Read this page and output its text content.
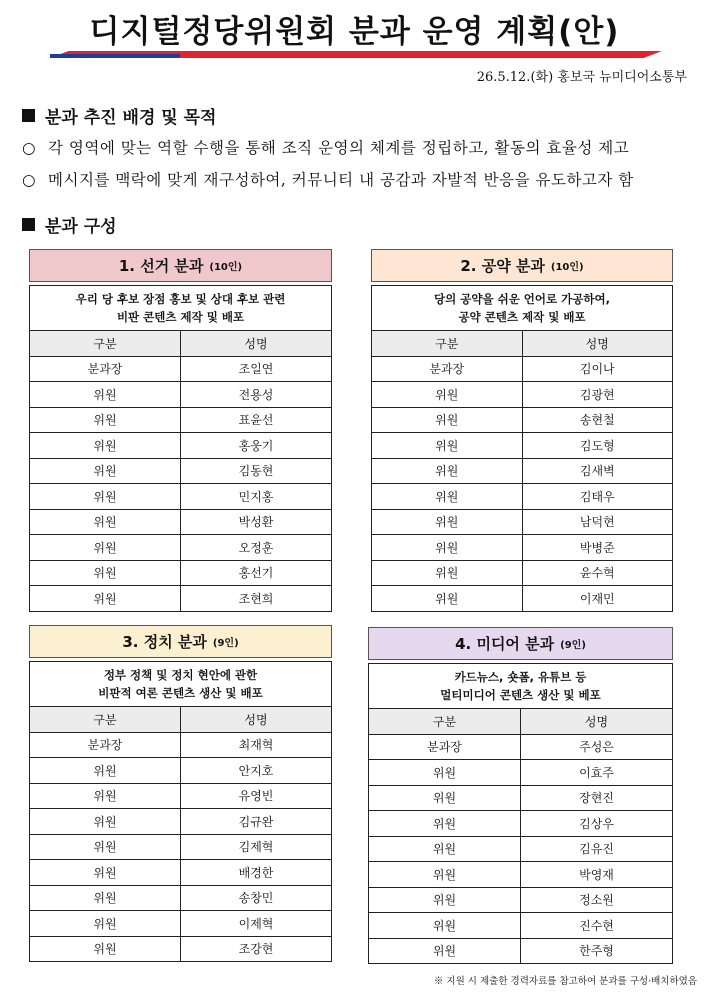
디지털정당위원회 분과 운영 계획(안)
26.5.12.(화) 홍보국 뉴미디어소통부
분과 추진 배경 및 목적
○ 각 영역에 맞는 역할 수행을 통해 조직 운영의 체계를 정립하고, 활동의 효율성 제고
○ 메시지를 맥락에 맞게 재구성하여, 커뮤니티 내 공감과 자발적 반응을 유도하고자 함
분과 구성
1. 선거 분과 (10인)
우리 당 후보 장점 홍보 및 상대 후보 관련
비판 콘텐츠 제작 및 배포	
구분	성명
분과장	조일연
위원	전용성
위원	표윤선
위원	홍웅기
위원	김동현
위원	민지홍
위원	박성환
위원	오정훈
위원	홍선기
위원	조현희
2. 공약 분과 (10인)
당의 공약을 쉬운 언어로 가공하여,
공약 콘텐츠 제작 및 배포	
구분	성명
분과장	김이나
위원	김광현
위원	송현철
위원	김도형
위원	김새벽
위원	김태우
위원	남덕현
위원	박병준
위원	윤수혁
위원	이재민
3. 정치 분과 (9인)
정부 정책 및 정치 현안에 관한
비판적 여론 콘텐츠 생산 및 배포	
구분	성명
분과장	최재혁
위원	안지호
위원	유영빈
위원	김규완
위원	김제혁
위원	배경한
위원	송창민
위원	이제혁
위원	조강현
4. 미디어 분과 (9인)
카드뉴스, 숏폼, 유튜브 등
멀티미디어 콘텐츠 생산 및 베포	
구분	성명
분과장	주성은
위원	이효주
위원	장현진
위원	김상우
위원	김유진
위원	박영재
위원	정소원
위원	진수현
위원	한주형
※ 지원 시 제출한 경력자료를 참고하여 분과를 구성·배치하였음
